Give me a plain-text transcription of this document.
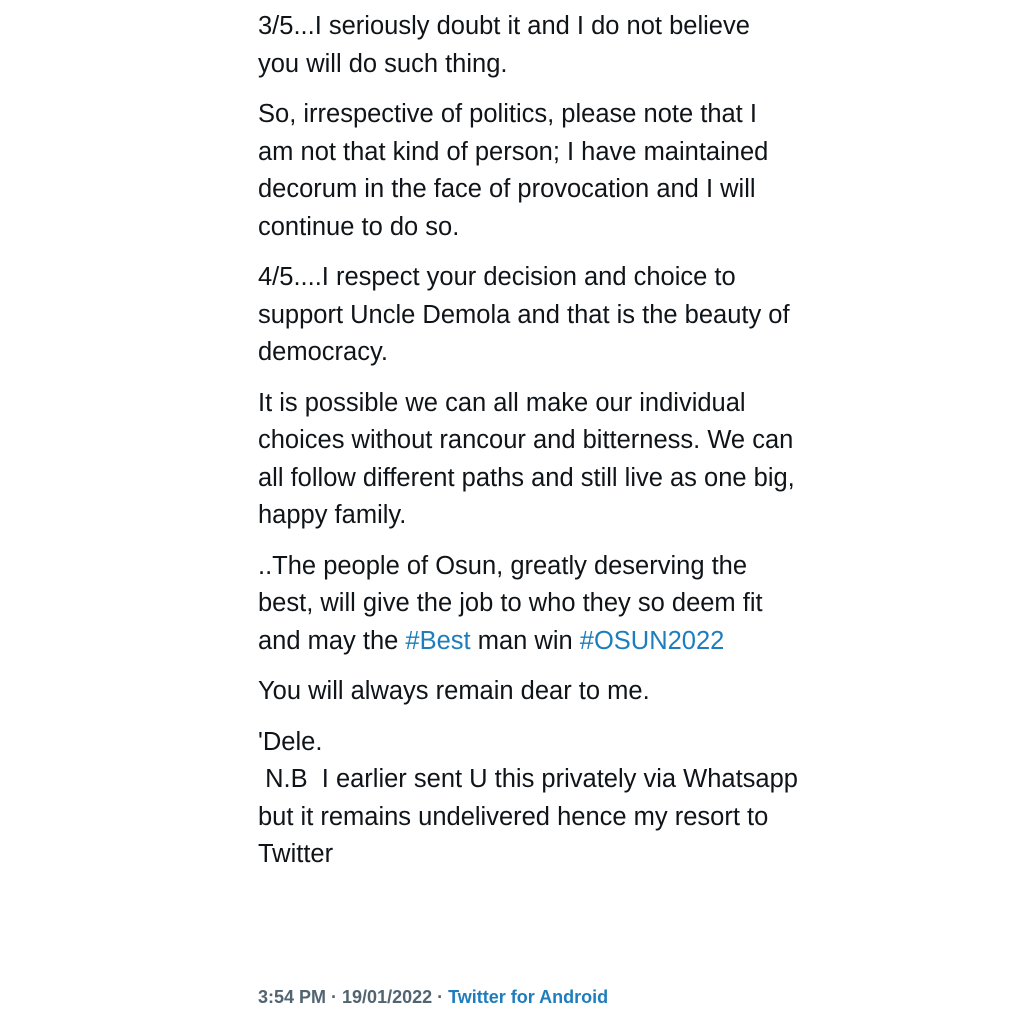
3/5...I seriously doubt it and I do not believe you will do such thing.

So, irrespective of politics, please note that I am not that kind of person; I have maintained decorum in the face of provocation and I will continue to do so.

4/5....I respect your decision and choice to support Uncle Demola and that is the beauty of democracy.

It is possible we can all make our individual choices without rancour and bitterness. We can all follow different paths and still live as one big, happy family.

..The people of Osun, greatly deserving the best, will give the job to who they so deem fit and may the #Best man win #OSUN2022

You will always remain dear to me.

'Dele.
N.B  I earlier sent U this privately via Whatsapp but it remains undelivered hence my resort to Twitter

3:54 PM · 19/01/2022 · Twitter for Android
